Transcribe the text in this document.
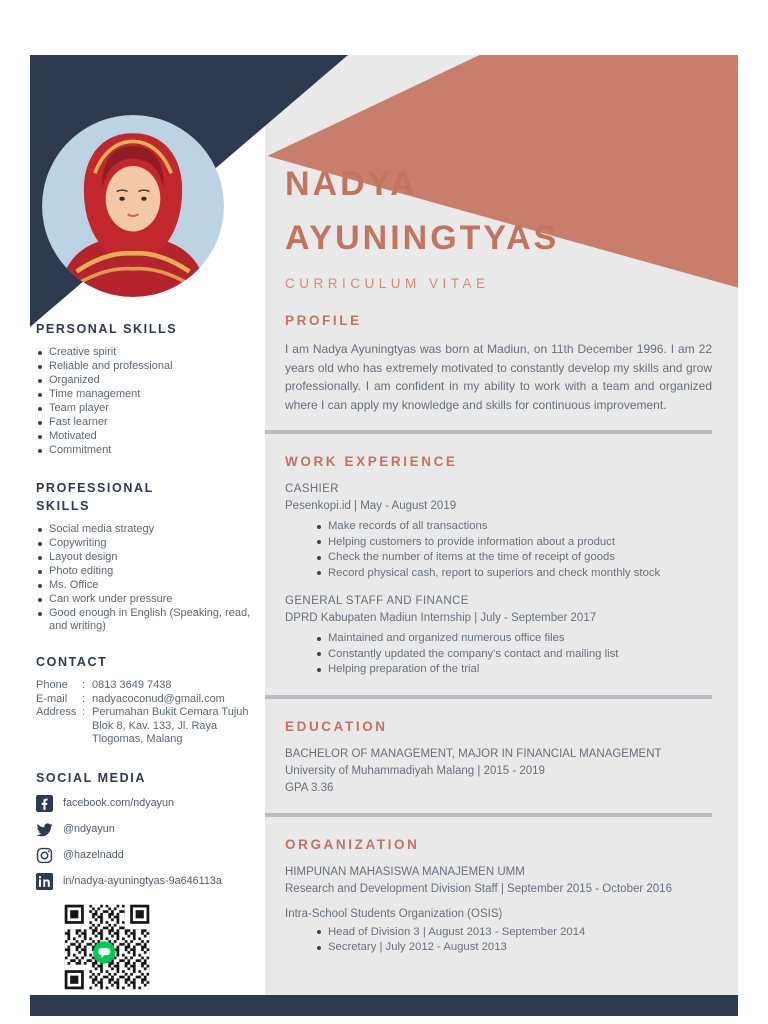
PERSONAL SKILLS
Creative spirit
Reliable and professional
Organized
Time management
Team player
Fast learner
Motivated
Commitment
PROFESSIONAL SKILLS
Social media strategy
Copywriting
Layout design
Photo editing
Ms. Office
Can work under pressure
Good enough in English (Speaking, read, and writing)
CONTACT
Phone	: 0813 3649 7438
E-mail	: nadyacoconud@gmail.com
Address : Perumahan Bukit Cemara Tujuh Blok 8, Kav. 133, Jl. Raya Tlogomas, Malang
SOCIAL MEDIA
facebook.com/ndyayun
@ndyayun
@hazelnadd
in/nadya-ayuningtyas-9a646113a
NADYA
AYUNINGTYAS
CURRICULUM VITAE
PROFILE

I am Nadya Ayuningtyas was born at Madiun, on 11th December 1996. I am 22 years old who has extremely motivated to constantly develop my skills and grow professionally. I am confident in my ability to work with a team and organized where I can apply my knowledge and skills for continuous improvement.

WORK EXPERIENCE
CASHIER
Pesenkopi.id | May - August 2019
Make records of all transactions
Helping customers to provide information about a product
Check the number of items at the time of receipt of goods
Record physical cash, report to superiors and check monthly stock
GENERAL STAFF AND FINANCE
DPRD Kabupaten Madiun Internship | July - September 2017
Maintained and organized numerous office files
Constantly updated the company's contact and mailing list
Helping preparation of the trial
EDUCATION
BACHELOR OF MANAGEMENT, MAJOR IN FINANCIAL MANAGEMENT
University of Muhammadiyah Malang | 2015 - 2019
GPA 3.36
ORGANIZATION
HIMPUNAN MAHASISWA MANAJEMEN UMM
Research and Development Division Staff | September 2015 - October 2016
Intra-School Students Organization (OSIS)
Head of Division 3 | August 2013 - September 2014
Secretary | July 2012 - August 2013
